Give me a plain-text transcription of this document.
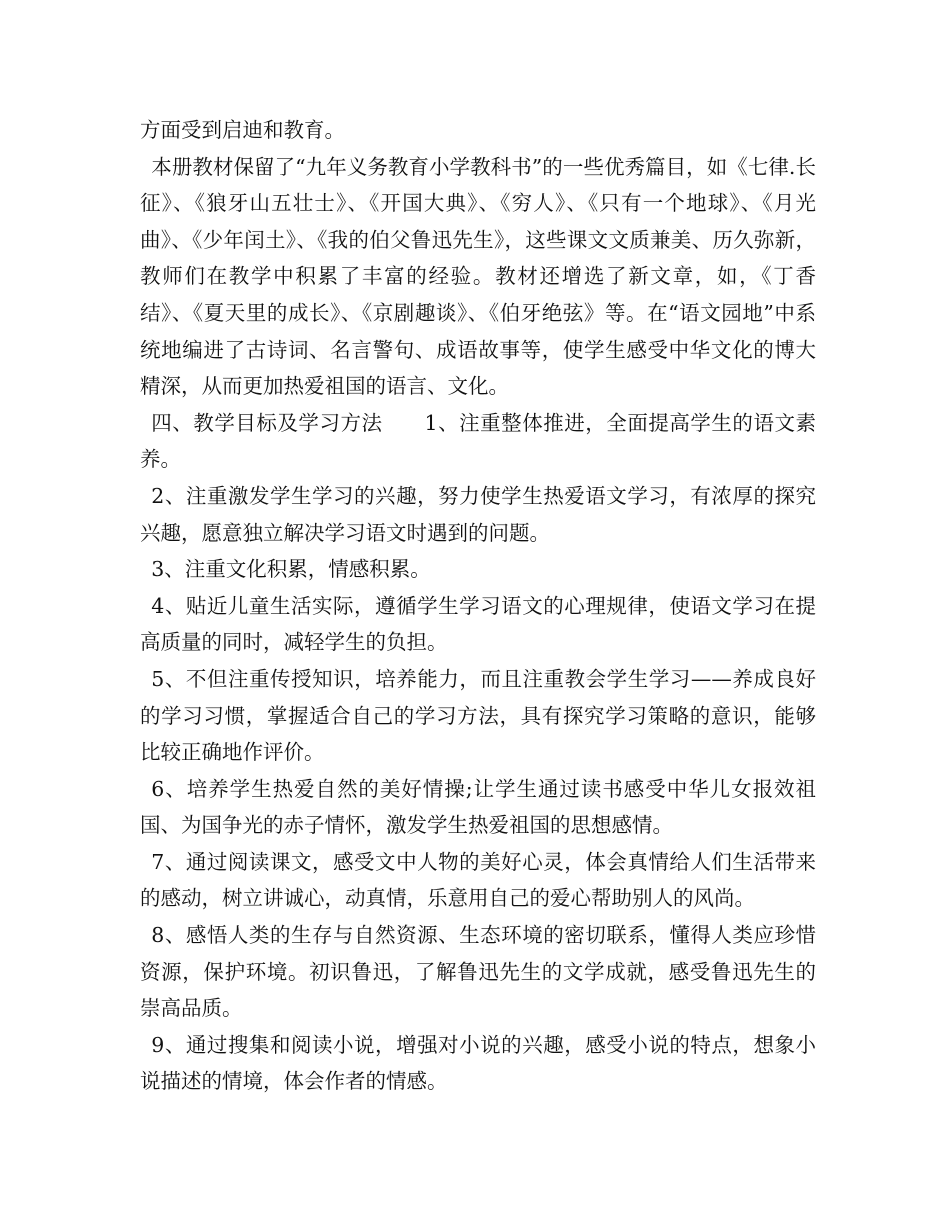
方面受到启迪和教育。

本册教材保留了“九年义务教育小学教科书”的一些优秀篇目，如《七律.长征》、《狼牙山五壮士》、《开国大典》、《穷人》、《只有一个地球》、《月光曲》、《少年闰土》、《我的伯父鲁迅先生》，这些课文文质兼美、历久弥新，教师们在教学中积累了丰富的经验。教材还增选了新文章，如，《丁香结》、《夏天里的成长》、《京剧趣谈》、《伯牙绝弦》等。在“语文园地”中系统地编进了古诗词、名言警句、成语故事等，使学生感受中华文化的博大精深，从而更加热爱祖国的语言、文化。

四、教学目标及学习方法　　1、注重整体推进，全面提高学生的语文素养。

2、注重激发学生学习的兴趣，努力使学生热爱语文学习，有浓厚的探究兴趣，愿意独立解决学习语文时遇到的问题。

3、注重文化积累，情感积累。

4、贴近儿童生活实际，遵循学生学习语文的心理规律，使语文学习在提高质量的同时，减轻学生的负担。

5、不但注重传授知识，培养能力，而且注重教会学生学习——养成良好的学习习惯，掌握适合自己的学习方法，具有探究学习策略的意识，能够比较正确地作评价。

6、培养学生热爱自然的美好情操;让学生通过读书感受中华儿女报效祖国、为国争光的赤子情怀，激发学生热爱祖国的思想感情。

7、通过阅读课文，感受文中人物的美好心灵，体会真情给人们生活带来的感动，树立讲诚心，动真情，乐意用自己的爱心帮助别人的风尚。

8、感悟人类的生存与自然资源、生态环境的密切联系，懂得人类应珍惜资源，保护环境。初识鲁迅，了解鲁迅先生的文学成就，感受鲁迅先生的崇高品质。

9、通过搜集和阅读小说，增强对小说的兴趣，感受小说的特点，想象小说描述的情境，体会作者的情感。
